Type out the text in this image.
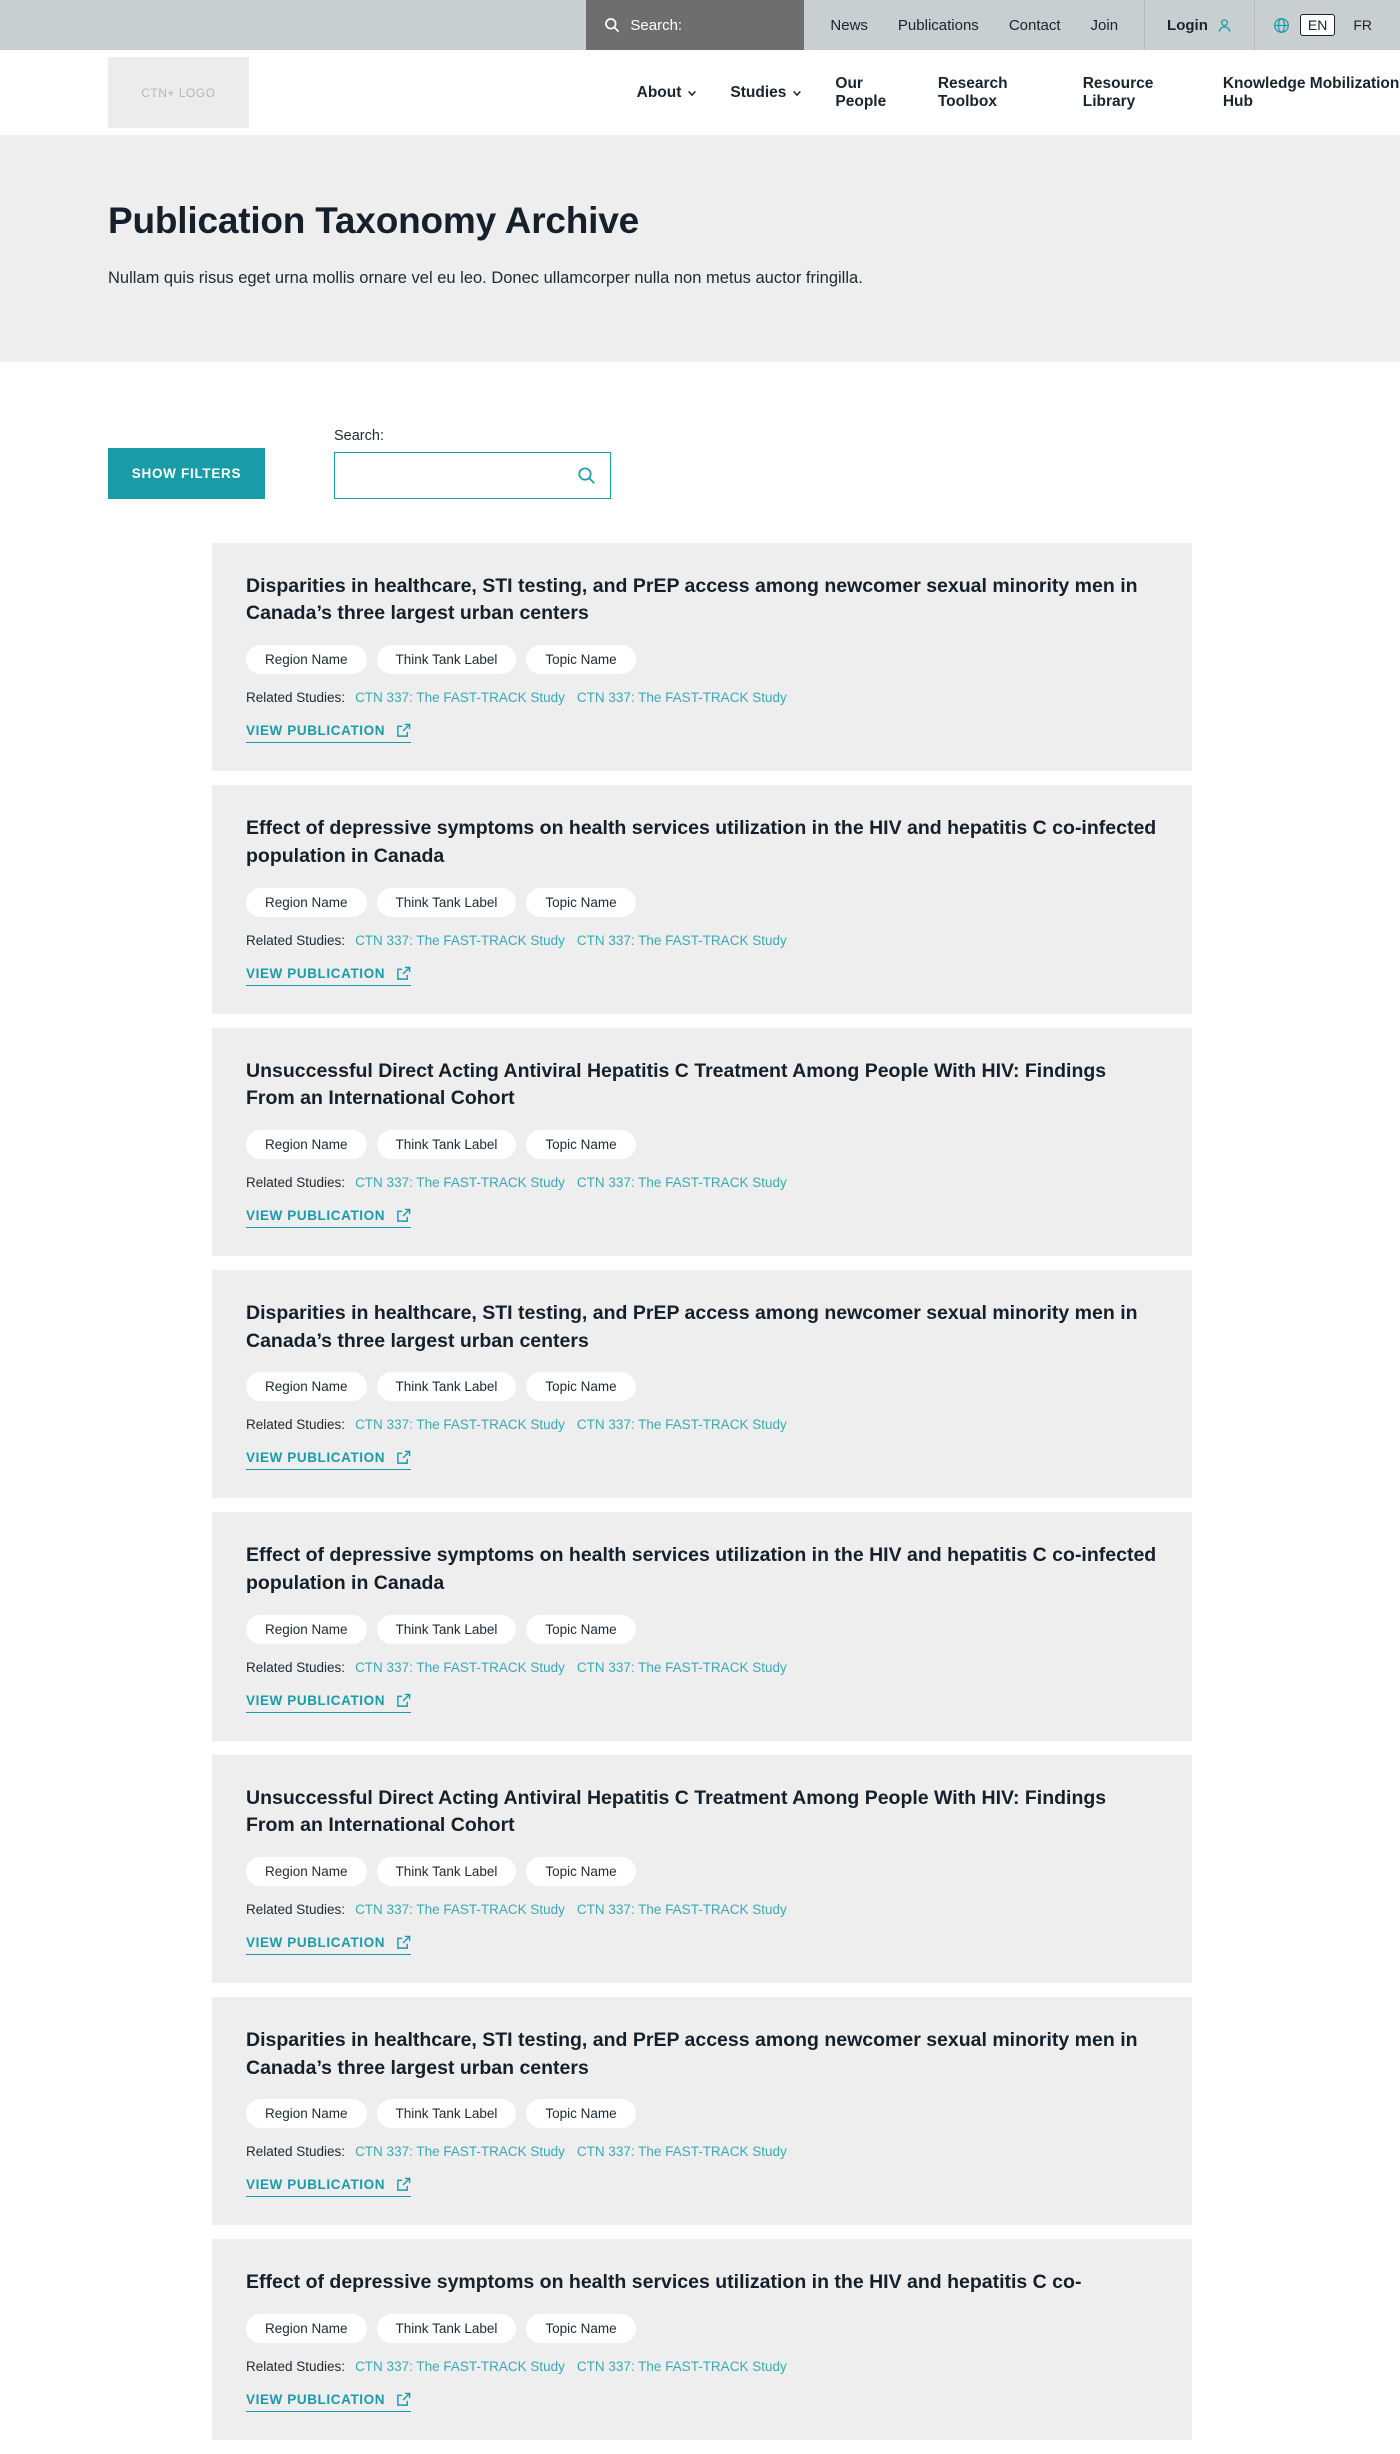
Search:	News Publications Contact Join	Login	EN	FR
CTN+ LOGO	About	Studies
Our People
Research Toolbox
Resource Library
Knowledge Mobilization Hub
Publication Taxonomy Archive

Nullam quis risus eget urna mollis ornare vel eu leo. Donec ullamcorper nulla non metus auctor fringilla.

SHOW FILTERS
Search:
Disparities in healthcare, STI testing, and PrEP access among newcomer sexual minority men in Canada’s three largest urban centers
Region Name	Think Tank Label	Topic Name
Related Studies: CTN 337: The FAST-TRACK Study CTN 337: The FAST-TRACK Study
VIEW PUBLICATION
Effect of depressive symptoms on health services utilization in the HIV and hepatitis C co-infected population in Canada
Region Name	Think Tank Label	Topic Name
Related Studies: CTN 337: The FAST-TRACK Study CTN 337: The FAST-TRACK Study
VIEW PUBLICATION
Unsuccessful Direct Acting Antiviral Hepatitis C Treatment Among People With HIV: Findings From an International Cohort
Region Name	Think Tank Label	Topic Name
Related Studies: CTN 337: The FAST-TRACK Study CTN 337: The FAST-TRACK Study
VIEW PUBLICATION
Disparities in healthcare, STI testing, and PrEP access among newcomer sexual minority men in Canada’s three largest urban centers
Region Name	Think Tank Label	Topic Name
Related Studies: CTN 337: The FAST-TRACK Study CTN 337: The FAST-TRACK Study
VIEW PUBLICATION
Effect of depressive symptoms on health services utilization in the HIV and hepatitis C co-infected population in Canada
Region Name	Think Tank Label	Topic Name
Related Studies: CTN 337: The FAST-TRACK Study CTN 337: The FAST-TRACK Study
VIEW PUBLICATION
Unsuccessful Direct Acting Antiviral Hepatitis C Treatment Among People With HIV: Findings From an International Cohort
Region Name	Think Tank Label	Topic Name
Related Studies: CTN 337: The FAST-TRACK Study CTN 337: The FAST-TRACK Study
VIEW PUBLICATION
Disparities in healthcare, STI testing, and PrEP access among newcomer sexual minority men in Canada’s three largest urban centers
Region Name	Think Tank Label	Topic Name
Related Studies: CTN 337: The FAST-TRACK Study CTN 337: The FAST-TRACK Study
VIEW PUBLICATION
Effect of depressive symptoms on health services utilization in the HIV and hepatitis C co-
Region Name	Think Tank Label	Topic Name
Related Studies: CTN 337: The FAST-TRACK Study CTN 337: The FAST-TRACK Study
VIEW PUBLICATION
